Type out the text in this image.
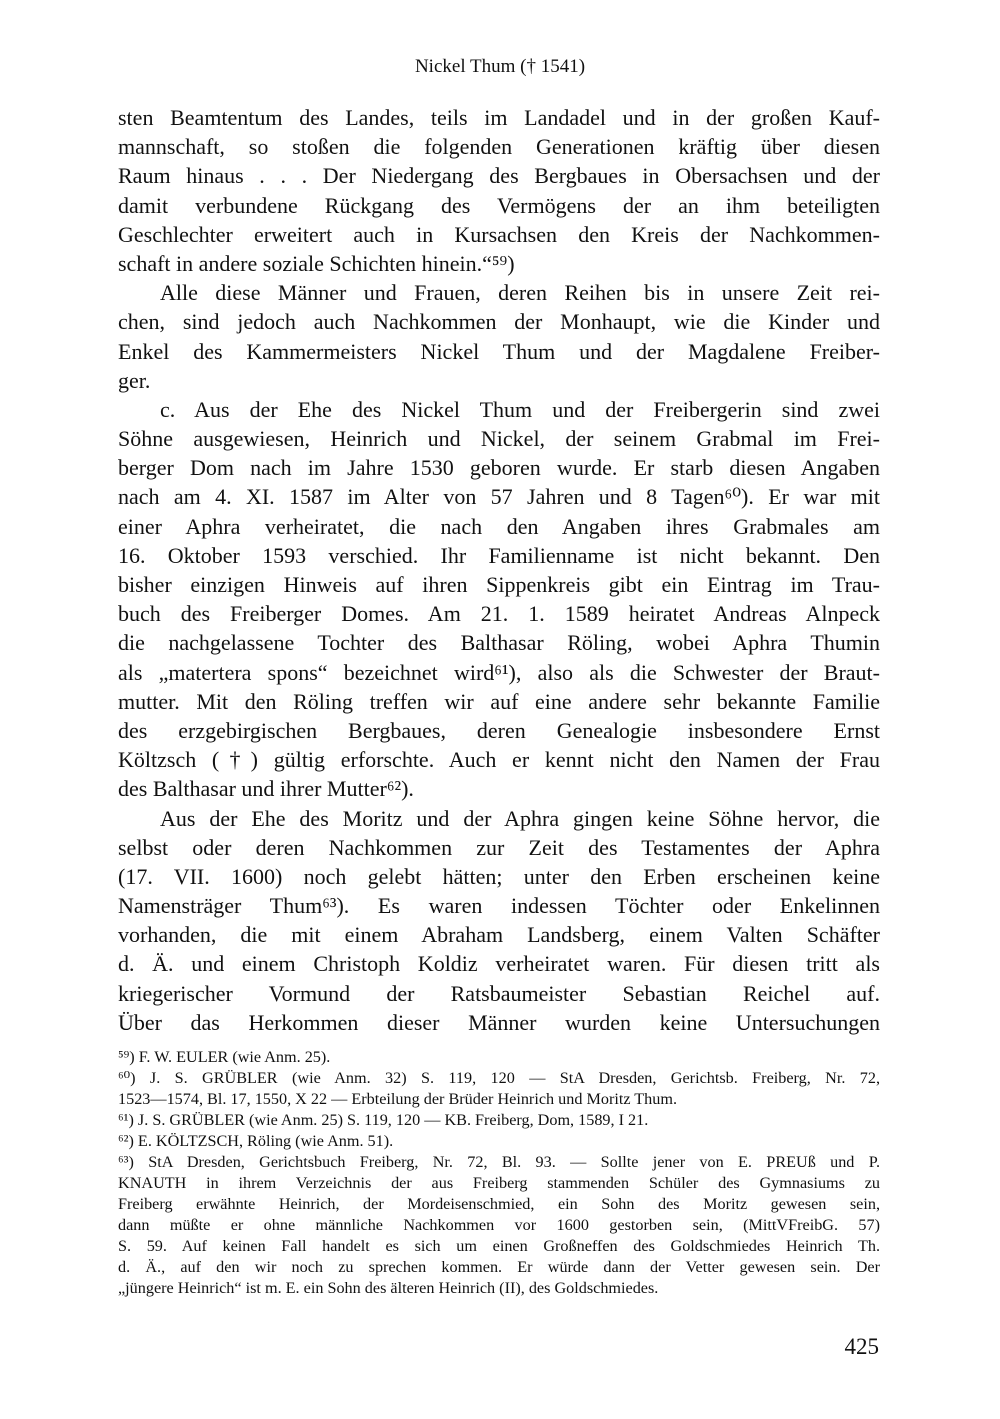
Nickel Thum († 1541)
sten Beamtentum des Landes, teils im Landadel und in der großen Kauf-
mannschaft, so stoßen die folgenden Generationen kräftig über diesen
Raum hinaus . . . Der Niedergang des Bergbaues in Obersachsen und der
damit verbundene Rückgang des Vermögens der an ihm beteiligten
Geschlechter erweitert auch in Kursachsen den Kreis der Nachkommen-
schaft in andere soziale Schichten hinein.“⁵⁹)
Alle diese Männer und Frauen, deren Reihen bis in unsere Zeit rei-
chen, sind jedoch auch Nachkommen der Monhaupt, wie die Kinder und
Enkel des Kammermeisters Nickel Thum und der Magdalene Freiber-
ger.
c. Aus der Ehe des Nickel Thum und der Freibergerin sind zwei
Söhne ausgewiesen, Heinrich und Nickel, der seinem Grabmal im Frei-
berger Dom nach im Jahre 1530 geboren wurde. Er starb diesen Angaben
nach am 4. XI. 1587 im Alter von 57 Jahren und 8 Tagen⁶⁰). Er war mit
einer Aphra verheiratet, die nach den Angaben ihres Grabmales am
16. Oktober 1593 verschied. Ihr Familienname ist nicht bekannt. Den
bisher einzigen Hinweis auf ihren Sippenkreis gibt ein Eintrag im Trau-
buch des Freiberger Domes. Am 21. 1. 1589 heiratet Andreas Alnpeck
die nachgelassene Tochter des Balthasar Röling, wobei Aphra Thumin
als „matertera spons“ bezeichnet wird⁶¹), also als die Schwester der Braut-
mutter. Mit den Röling treffen wir auf eine andere sehr bekannte Familie
des erzgebirgischen Bergbaues, deren Genealogie insbesondere Ernst
Költzsch (†) gültig erforschte. Auch er kennt nicht den Namen der Frau
des Balthasar und ihrer Mutter⁶²).
Aus der Ehe des Moritz und der Aphra gingen keine Söhne hervor, die
selbst oder deren Nachkommen zur Zeit des Testamentes der Aphra
(17. VII. 1600) noch gelebt hätten; unter den Erben erscheinen keine
Namensträger Thum⁶³). Es waren indessen Töchter oder Enkelinnen
vorhanden, die mit einem Abraham Landsberg, einem Valten Schäfter
d. Ä. und einem Christoph Koldiz verheiratet waren. Für diesen tritt als
kriegerischer Vormund der Ratsbaumeister Sebastian Reichel auf.
Über das Herkommen dieser Männer wurden keine Untersuchungen
⁵⁹) F. W. EULER (wie Anm. 25).
⁶⁰) J. S. GRÜBLER (wie Anm. 32) S. 119, 120 — StA Dresden, Gerichtsb. Freiberg, Nr. 72,
1523—1574, Bl. 17, 1550, X 22 — Erbteilung der Brüder Heinrich und Moritz Thum.
⁶¹) J. S. GRÜBLER (wie Anm. 25) S. 119, 120 — KB. Freiberg, Dom, 1589, I 21.
⁶²) E. KÖLTZSCH, Röling (wie Anm. 51).
⁶³) StA Dresden, Gerichtsbuch Freiberg, Nr. 72, Bl. 93. — Sollte jener von E. PREUß und P.
KNAUTH in ihrem Verzeichnis der aus Freiberg stammenden Schüler des Gymnasiums zu
Freiberg erwähnte Heinrich, der Mordeisenschmied, ein Sohn des Moritz gewesen sein,
dann müßte er ohne männliche Nachkommen vor 1600 gestorben sein, (MittVFreibG. 57)
S. 59. Auf keinen Fall handelt es sich um einen Großneffen des Goldschmiedes Heinrich Th.
d. Ä., auf den wir noch zu sprechen kommen. Er würde dann der Vetter gewesen sein. Der
„jüngere Heinrich“ ist m. E. ein Sohn des älteren Heinrich (II), des Goldschmiedes.
425
